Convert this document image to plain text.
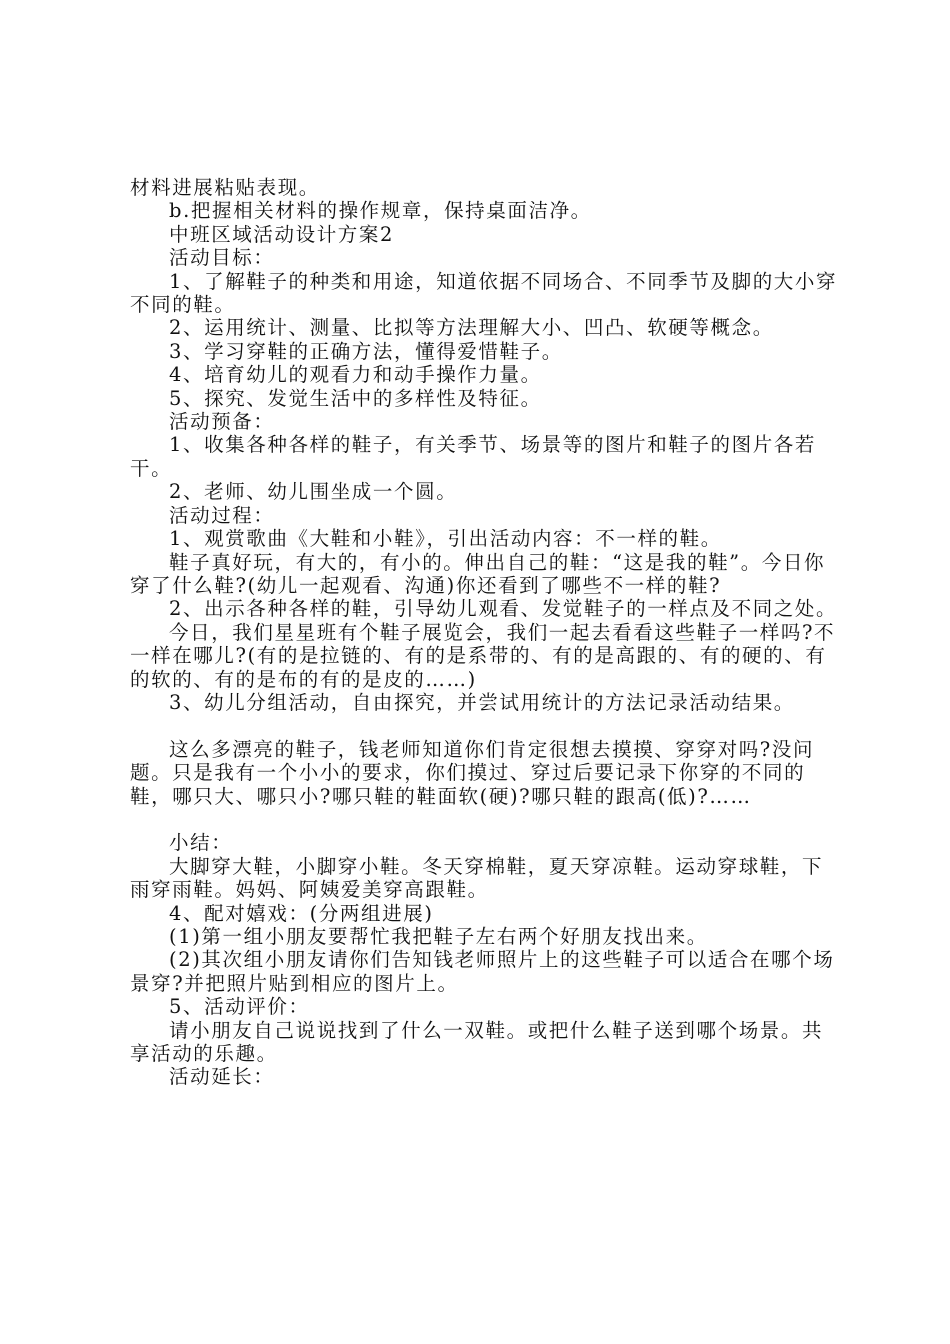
材料进展粘贴表现。

b.把握相关材料的操作规章，保持桌面洁净。

中班区域活动设计方案2

活动目标：

1、了解鞋子的种类和用途，知道依据不同场合、不同季节及脚的大小穿不同的鞋。

2、运用统计、测量、比拟等方法理解大小、凹凸、软硬等概念。

3、学习穿鞋的正确方法，懂得爱惜鞋子。

4、培育幼儿的观看力和动手操作力量。

5、探究、发觉生活中的多样性及特征。

活动预备：

1、收集各种各样的鞋子，有关季节、场景等的图片和鞋子的图片各若干。

2、老师、幼儿围坐成一个圆。

活动过程：

1、观赏歌曲《大鞋和小鞋》，引出活动内容：不一样的鞋。

鞋子真好玩，有大的，有小的。伸出自己的鞋：“这是我的鞋”。今日你穿了什么鞋?(幼儿一起观看、沟通)你还看到了哪些不一样的鞋?

2、出示各种各样的鞋，引导幼儿观看、发觉鞋子的一样点及不同之处。

今日，我们星星班有个鞋子展览会，我们一起去看看这些鞋子一样吗?不一样在哪儿?(有的是拉链的、有的是系带的、有的是高跟的、有的硬的、有的软的、有的是布的有的是皮的……)

3、幼儿分组活动，自由探究，并尝试用统计的方法记录活动结果。

这么多漂亮的鞋子，钱老师知道你们肯定很想去摸摸、穿穿对吗?没问题。只是我有一个小小的要求，你们摸过、穿过后要记录下你穿的不同的鞋，哪只大、哪只小?哪只鞋的鞋面软(硬)?哪只鞋的跟高(低)?……

小结：

大脚穿大鞋，小脚穿小鞋。冬天穿棉鞋，夏天穿凉鞋。运动穿球鞋，下雨穿雨鞋。妈妈、阿姨爱美穿高跟鞋。

4、配对嬉戏：(分两组进展)

(1)第一组小朋友要帮忙我把鞋子左右两个好朋友找出来。

(2)其次组小朋友请你们告知钱老师照片上的这些鞋子可以适合在哪个场景穿?并把照片贴到相应的图片上。

5、活动评价：

请小朋友自己说说找到了什么一双鞋。或把什么鞋子送到哪个场景。共享活动的乐趣。

活动延长：
